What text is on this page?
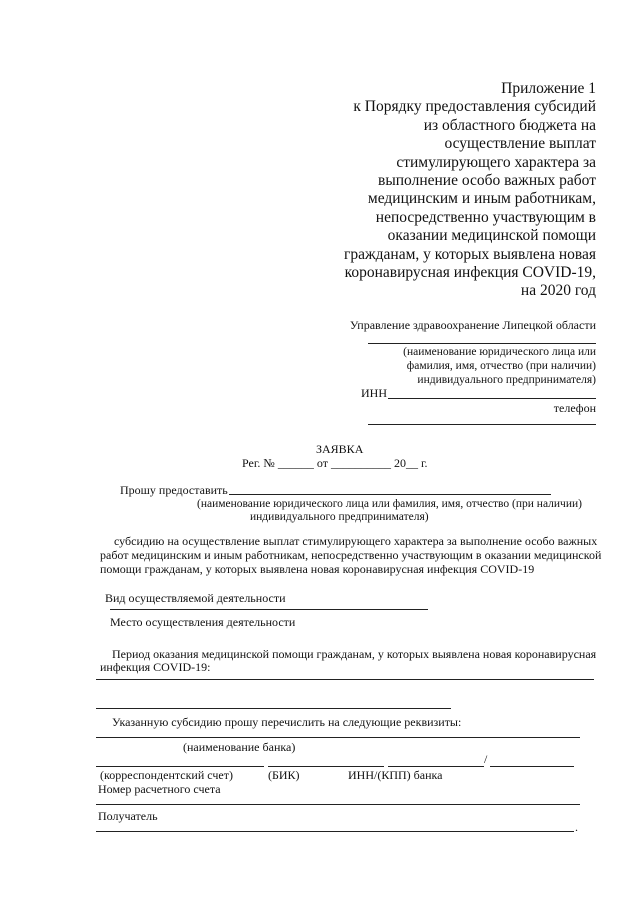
Приложение 1
к Порядку предоставления субсидий
из областного бюджета на
осуществление выплат
стимулирующего характера за
выполнение особо важных работ
медицинским и иным работникам,
непосредственно участвующим в
оказании медицинской помощи
гражданам, у которых выявлена новая
коронавирусная инфекция COVID-19,
на 2020 год
Управление здравоохранение Липецкой области
(наименование юридического лица или
фамилия, имя, отчество (при наличии)
индивидуального предпринимателя)
ИНН
телефон
ЗАЯВКА
Рег. № ______ от __________ 20__ г.
Прошу предоставить
(наименование юридического лица или фамилия, имя, отчество (при наличии)
индивидуального предпринимателя)
субсидию на осуществление выплат стимулирующего характера за выполнение особо важных
работ медицинским и иным работникам, непосредственно участвующим в оказании медицинской
помощи гражданам, у которых выявлена новая коронавирусная инфекция COVID-19
Вид осуществляемой деятельности
Место осуществления деятельности
Период оказания медицинской помощи гражданам, у которых выявлена новая коронавирусная
инфекция COVID-19:
Указанную субсидию прошу перечислить на следующие реквизиты:
(наименование банка)
/
(корреспондентский счет)	(БИК)	ИНН/(КПП) банка
Номер расчетного счета
Получатель
.
